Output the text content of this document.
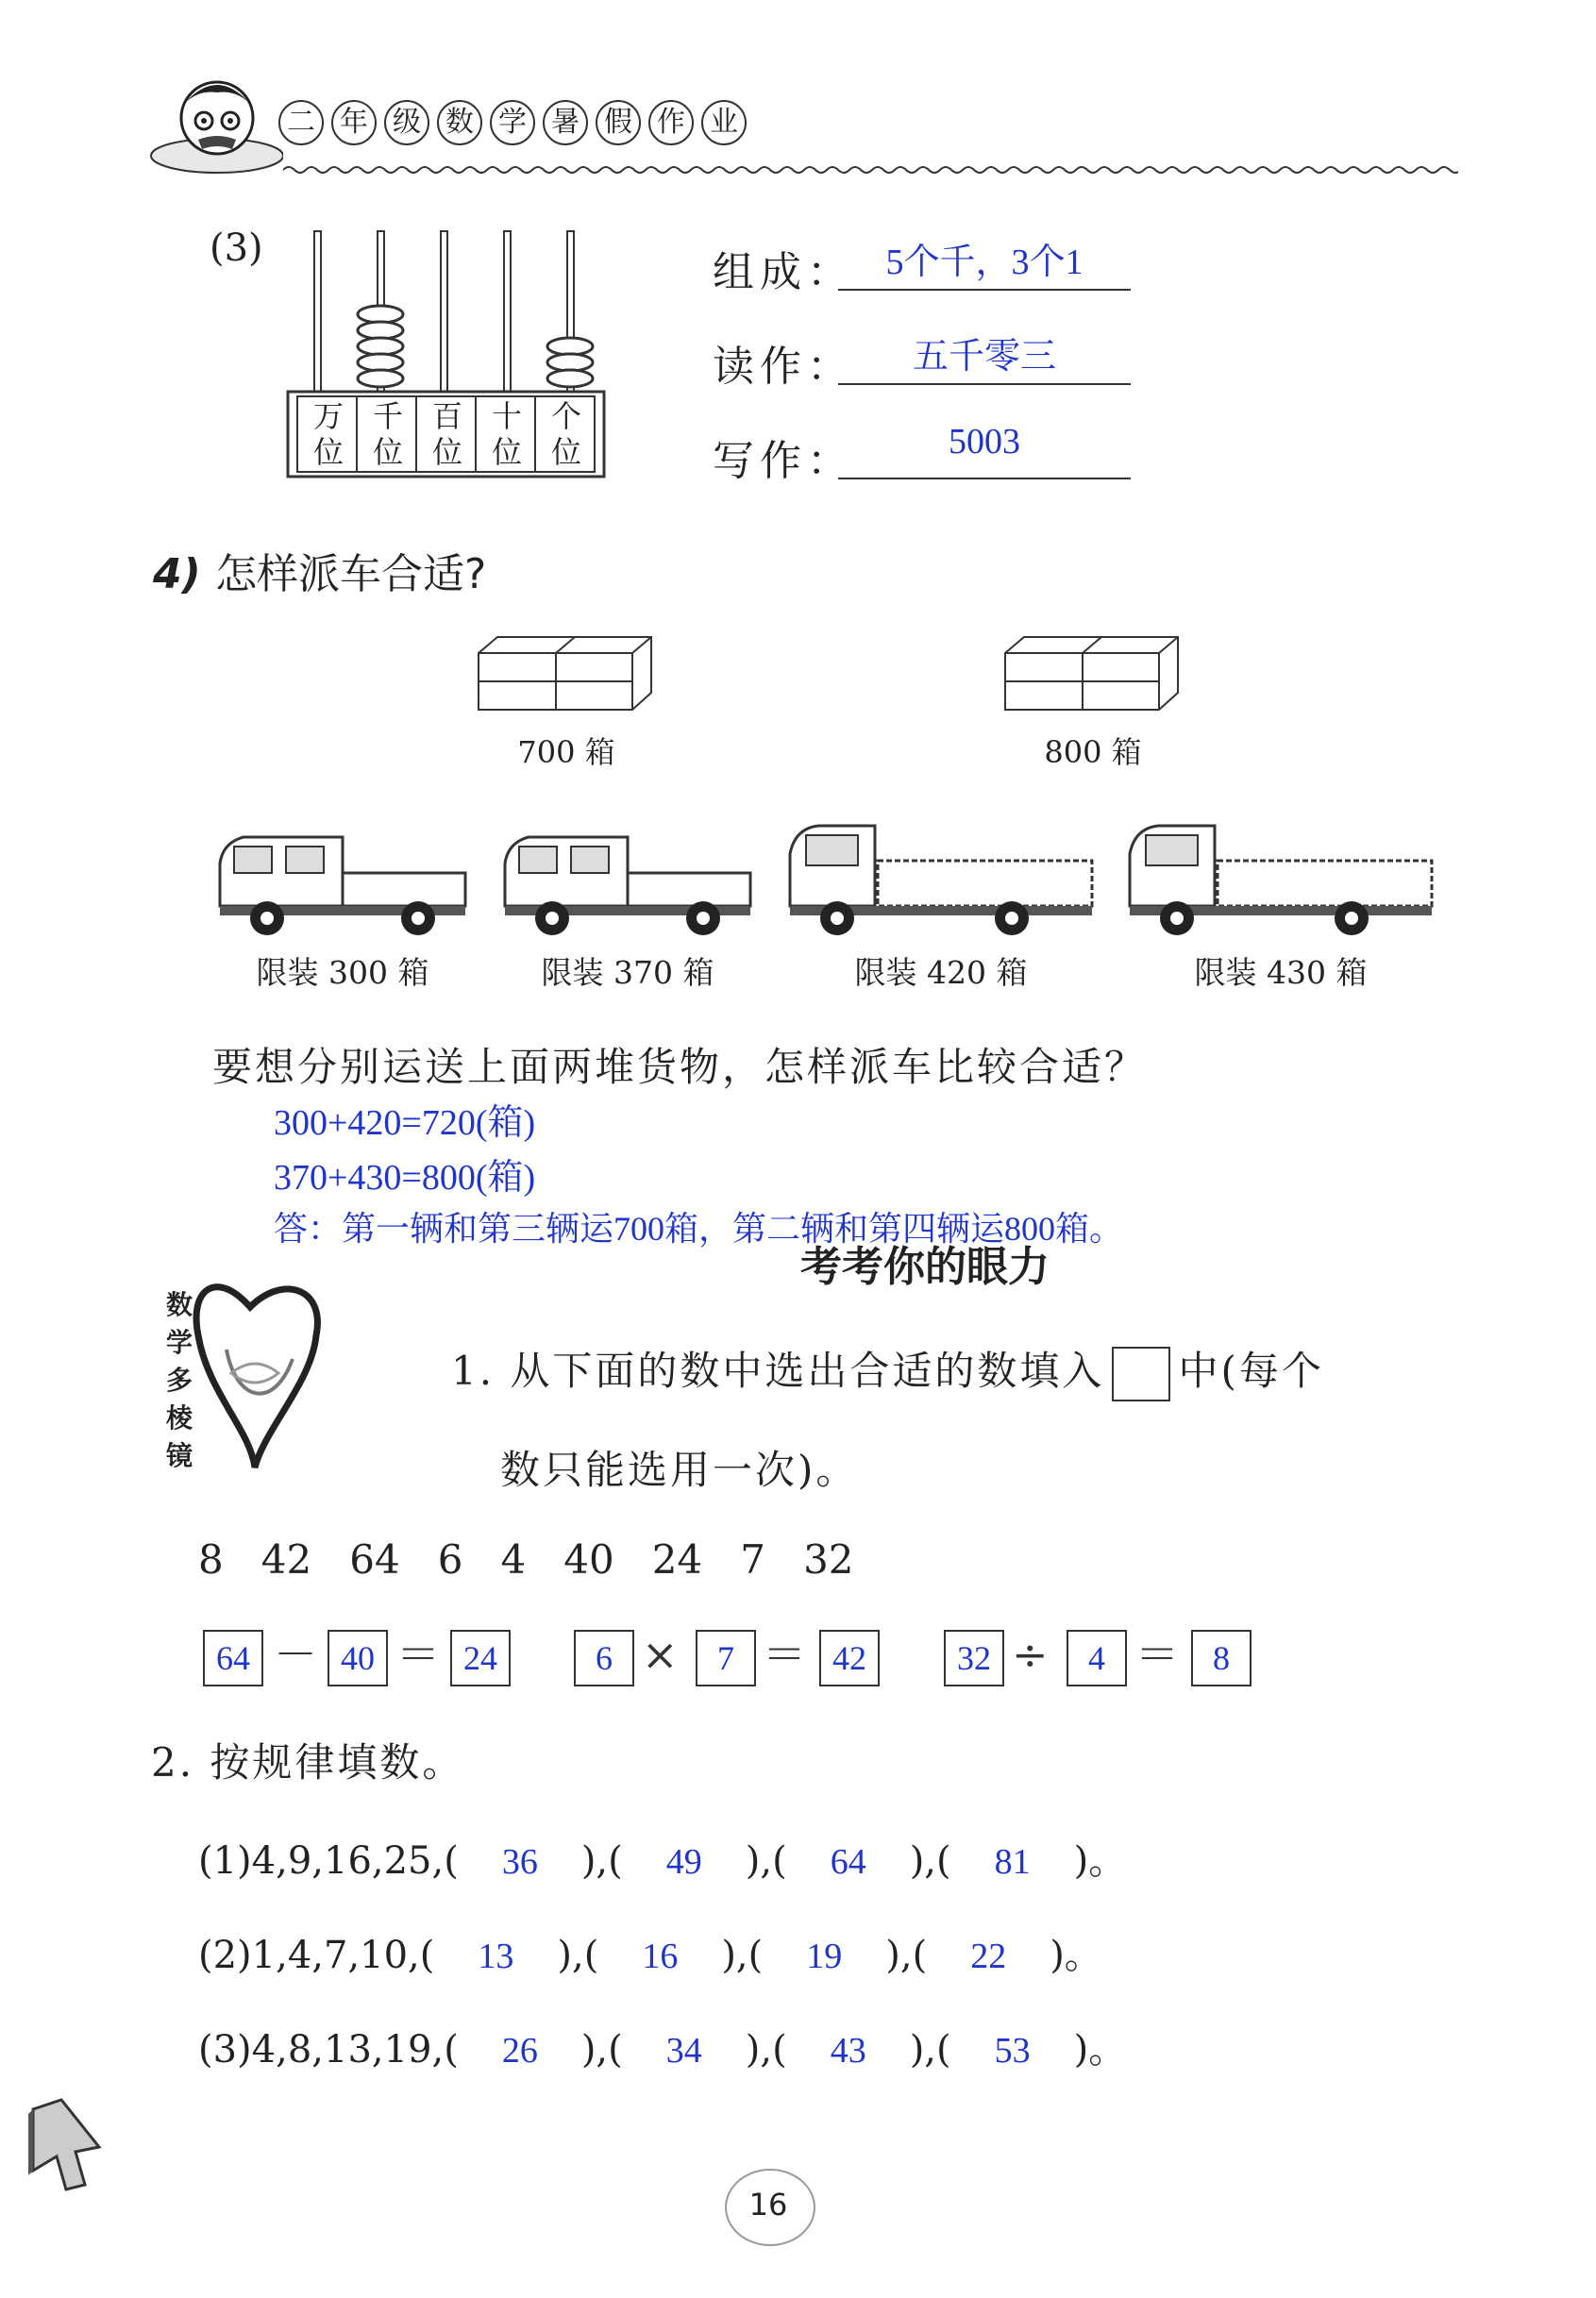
二 年 级 数 学 暑 假 作 业
(3)
万
位
千
位
百
位
十
位
个
位
组成： 5个千，3个1
读作：	五千零三
写作：	5003
4) 怎样派车合适?
700 箱	800 箱
限装 300 箱	限装 370 箱	限装 420 箱	限装 430 箱
要想分别运送上面两堆货物，怎样派车比较合适？
300+420=720(箱)
370+430=800(箱)
答：第一辆和第三辆运700箱，第二辆和第四辆运800箱。
考考你的眼力
数
学
多
棱
镜
1. 从下面的数中选出合适的数填入 中(每个
数只能选用一次)。
8   42   64   6   4   40   24   7   32
64 － 40 ＝ 24	6 ×	7 ＝ 42	32 ÷	4 ＝	8
2. 按规律填数。
(1)4,9,16,25,( 36 ),( 49 ),( 64 ),( 81 )。
(2)1,4,7,10,( 13 ),( 16 ),( 19 ),( 22 )。
(3)4,8,13,19,( 26 ),( 34 ),( 43 ),( 53 )。
16
